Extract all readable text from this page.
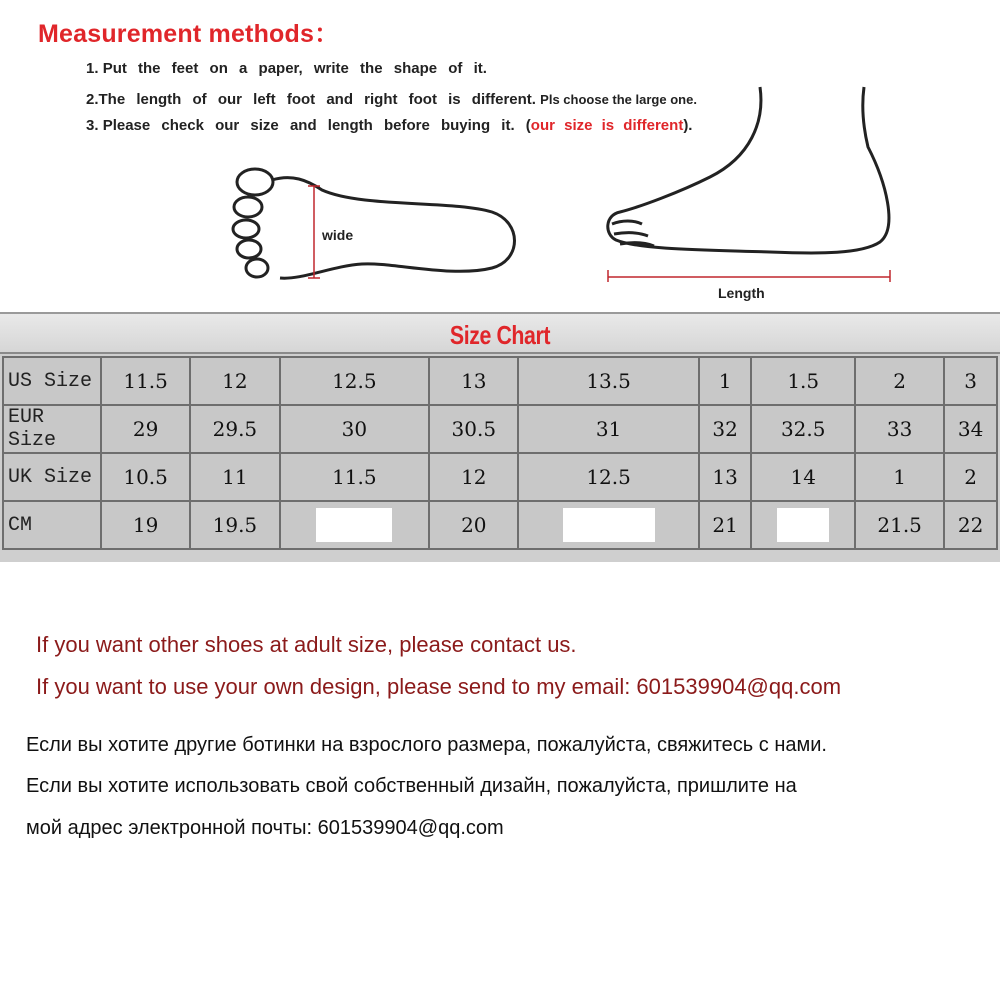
Measurement methods：
1. Put the feet on a paper, write the shape of it.
2.The length of our left foot and right foot is different. Pls choose the large one.
3. Please check our size and length before buying it. (our size is different).
wide
Length
Size Chart
US Size	11.5	12	12.5	13	13.5	1	1.5	2	3
EUR Size	29	29.5	30	30.5	31	32	32.5	33	34
UK Size	10.5	11	11.5	12	12.5	13	14	1	2
CM	19	19.5		20		21		21.5	22
If you want other shoes at adult size, please contact us.
If you want to use your own design, please send to my email: 601539904@qq.com
Если вы хотите другие ботинки на взрослого размера, пожалуйста, свяжитесь с нами.
Если вы хотите использовать свой собственный дизайн, пожалуйста, пришлите на
мой адрес электронной почты: 601539904@qq.com
